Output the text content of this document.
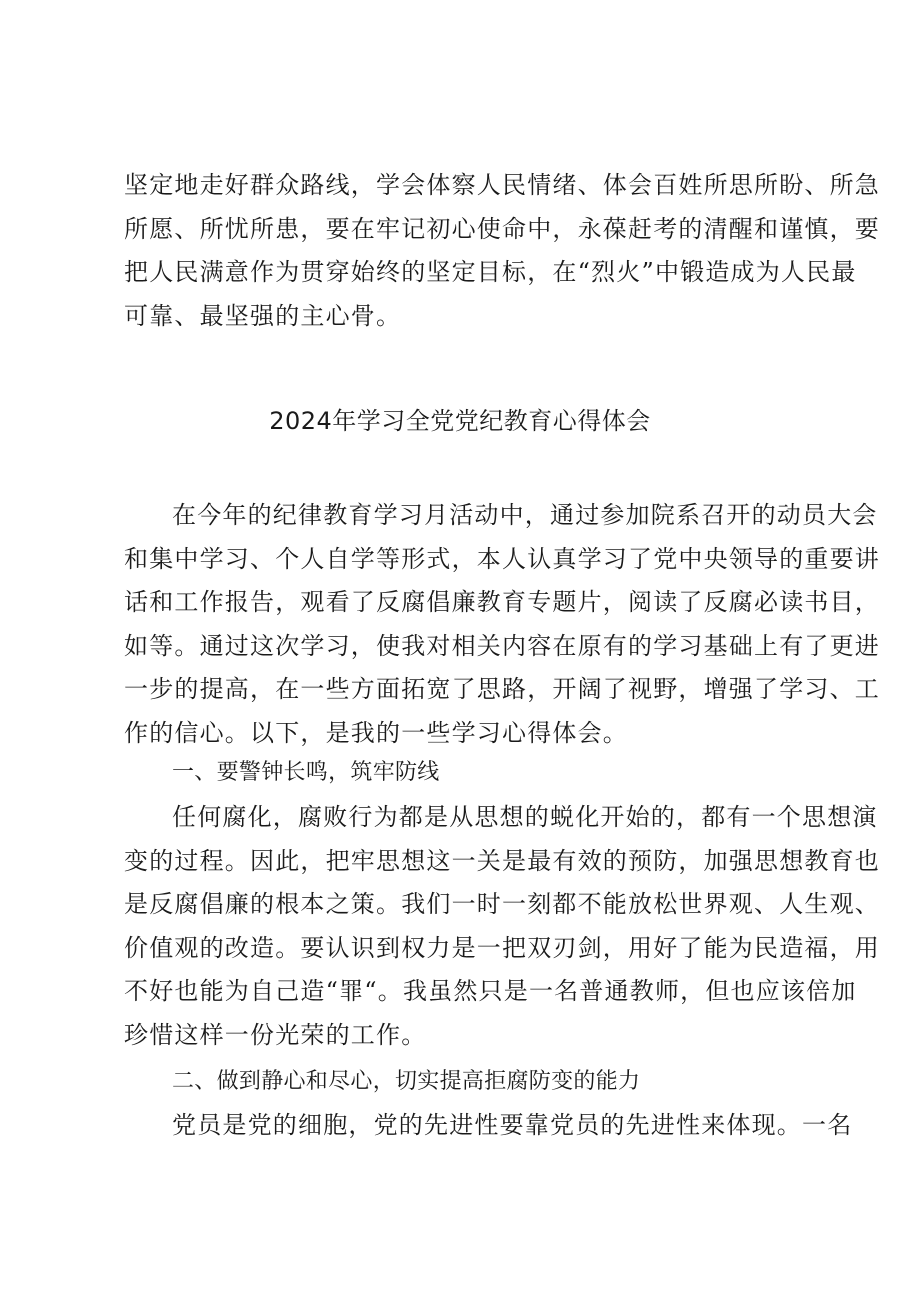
坚定地走好群众路线，学会体察人民情绪、体会百姓所思所盼、所急
所愿、所忧所患，要在牢记初心使命中，永葆赶考的清醒和谨慎，要
把人民满意作为贯穿始终的坚定目标，在“烈火”中锻造成为人民最
可靠、最坚强的主心骨。
2024年学习全党党纪教育心得体会
在今年的纪律教育学习月活动中，通过参加院系召开的动员大会
和集中学习、个人自学等形式，本人认真学习了党中央领导的重要讲
话和工作报告，观看了反腐倡廉教育专题片，阅读了反腐必读书目，
如等。通过这次学习，使我对相关内容在原有的学习基础上有了更进
一步的提高，在一些方面拓宽了思路，开阔了视野，增强了学习、工
作的信心。以下，是我的一些学习心得体会。
一、要警钟长鸣，筑牢防线
任何腐化，腐败行为都是从思想的蜕化开始的，都有一个思想演
变的过程。因此，把牢思想这一关是最有效的预防，加强思想教育也
是反腐倡廉的根本之策。我们一时一刻都不能放松世界观、人生观、
价值观的改造。要认识到权力是一把双刃剑，用好了能为民造福，用
不好也能为自己造“罪“。我虽然只是一名普通教师，但也应该倍加
珍惜这样一份光荣的工作。
二、做到静心和尽心，切实提高拒腐防变的能力
党员是党的细胞，党的先进性要靠党员的先进性来体现。一名
